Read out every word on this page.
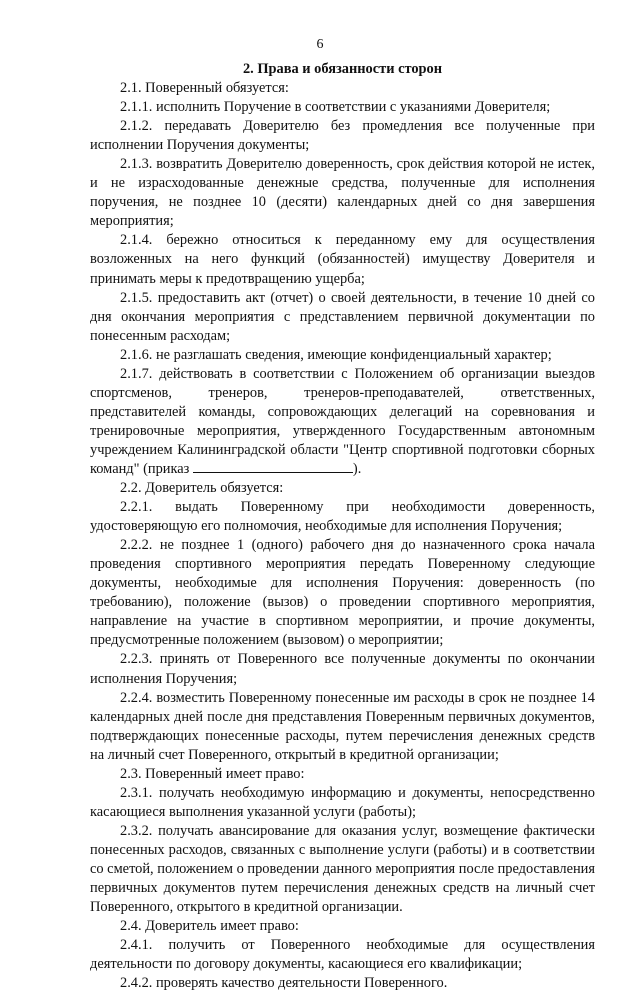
6

2. Права и обязанности сторон

2.1. Поверенный обязуется:

2.1.1. исполнить Поручение в соответствии с указаниями Доверителя;

2.1.2. передавать Доверителю без промедления все полученные при исполнении Поручения документы;

2.1.3. возвратить Доверителю доверенность, срок действия которой не истек, и не израсходованные денежные средства, полученные для исполнения поручения, не позднее 10 (десяти) календарных дней со дня завершения мероприятия;

2.1.4. бережно относиться к переданному ему для осуществления возложенных на него функций (обязанностей) имуществу Доверителя и принимать меры к предотвращению ущерба;

2.1.5. предоставить акт (отчет) о своей деятельности, в течение 10 дней со дня окончания мероприятия с представлением первичной документации по понесенным расходам;

2.1.6. не разглашать сведения, имеющие конфиденциальный характер;

2.1.7. действовать в соответствии с Положением об организации выездов спортсменов, тренеров, тренеров-преподавателей, ответственных, представителей команды, сопровождающих делегаций на соревнования и тренировочные мероприятия, утвержденного Государственным автономным учреждением Калининградской области "Центр спортивной подготовки сборных команд" (приказ	).

2.2. Доверитель обязуется:

2.2.1. выдать Поверенному при необходимости доверенность, удостоверяющую его полномочия, необходимые для исполнения Поручения;

2.2.2. не позднее 1 (одного) рабочего дня до назначенного срока начала проведения спортивного мероприятия передать Поверенному следующие документы, необходимые для исполнения Поручения: доверенность (по требованию), положение (вызов) о проведении спортивного мероприятия, направление на участие в спортивном мероприятии, и прочие документы, предусмотренные положением (вызовом) о мероприятии;

2.2.3. принять от Поверенного все полученные документы по окончании исполнения Поручения;

2.2.4. возместить Поверенному понесенные им расходы в срок не позднее 14 календарных дней после дня представления Поверенным первичных документов, подтверждающих понесенные расходы, путем перечисления денежных средств на личный счет Поверенного, открытый в кредитной организации;

2.3. Поверенный имеет право:

2.3.1. получать необходимую информацию и документы, непосредственно касающиеся выполнения указанной услуги (работы);

2.3.2. получать авансирование для оказания услуг, возмещение фактически понесенных расходов, связанных с выполнение услуги (работы) и в соответствии со сметой, положением о проведении данного мероприятия после предоставления первичных документов путем перечисления денежных средств на личный счет Поверенного, открытого в кредитной организации.

2.4. Доверитель имеет право:

2.4.1. получить от Поверенного необходимые для осуществления деятельности по договору документы, касающиеся его квалификации;

2.4.2. проверять качество деятельности Поверенного.
